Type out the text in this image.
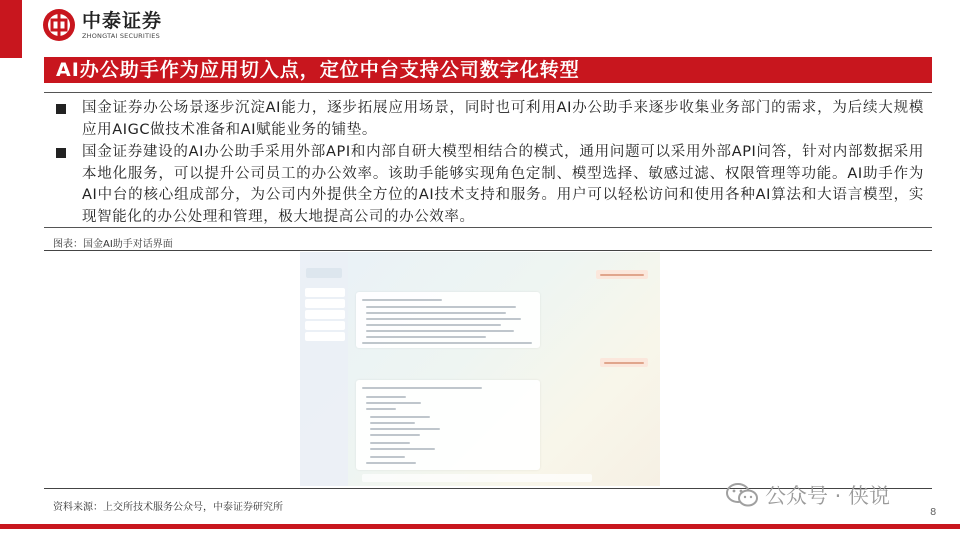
中泰证券
ZHONGTAI SECURITIES
AI办公助手作为应用切入点，定位中台支持公司数字化转型
国金证券办公场景逐步沉淀AI能力，逐步拓展应用场景，同时也可利用AI办公助手来逐步收集业务部门的需求，为后续大规模应用AIGC做技术准备和AI赋能业务的铺垫。
国金证券建设的AI办公助手采用外部API和内部自研大模型相结合的模式，通用问题可以采用外部API问答，针对内部数据采用本地化服务，可以提升公司员工的办公效率。该助手能够实现角色定制、模型选择、敏感过滤、权限管理等功能。AI助手作为AI中台的核心组成部分，为公司内外提供全方位的AI技术支持和服务。用户可以轻松访问和使用各种AI算法和大语言模型，实现智能化的办公处理和管理，极大地提高公司的办公效率。
图表：国金AI助手对话界面
资料来源：上交所技术服务公众号，中泰证券研究所	公众号 · 侠说
8
